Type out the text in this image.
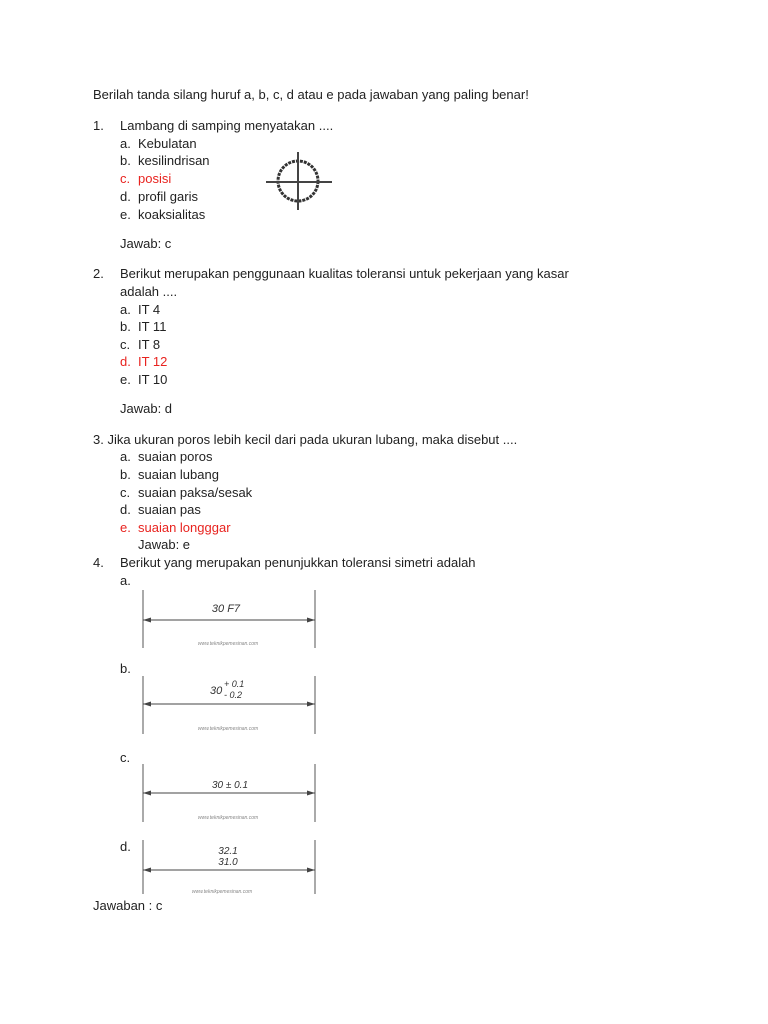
Berilah tanda silang huruf a, b, c, d atau e pada jawaban yang paling benar!
1. Lambang di samping menyatakan ....
a. Kebulatan
b. kesilindrisan
c. posisi
d. profil garis
e. koaksialitas
Jawab: c
2. Berikut merupakan penggunaan kualitas toleransi untuk pekerjaan yang kasar
adalah ....
a. IT 4
b. IT 11
c. IT 8
d. IT 12
e. IT 10
Jawab: d
3. Jika ukuran poros lebih kecil dari pada ukuran lubang, maka disebut ....
a. suaian poros
b. suaian lubang
c. suaian paksa/sesak
d. suaian pas
e. suaian longggar
Jawab: e
4. Berikut yang merupakan penunjukkan toleransi simetri adalah
a.
30 F7
www.teknikpemesinan.com
b.
30
+ 0.1
- 0.2
www.teknikpemesinan.com
c.
30 ± 0.1
www.teknikpemesinan.com
d.	32.1
31.0
www.teknikpemesinan.com
Jawaban : c
